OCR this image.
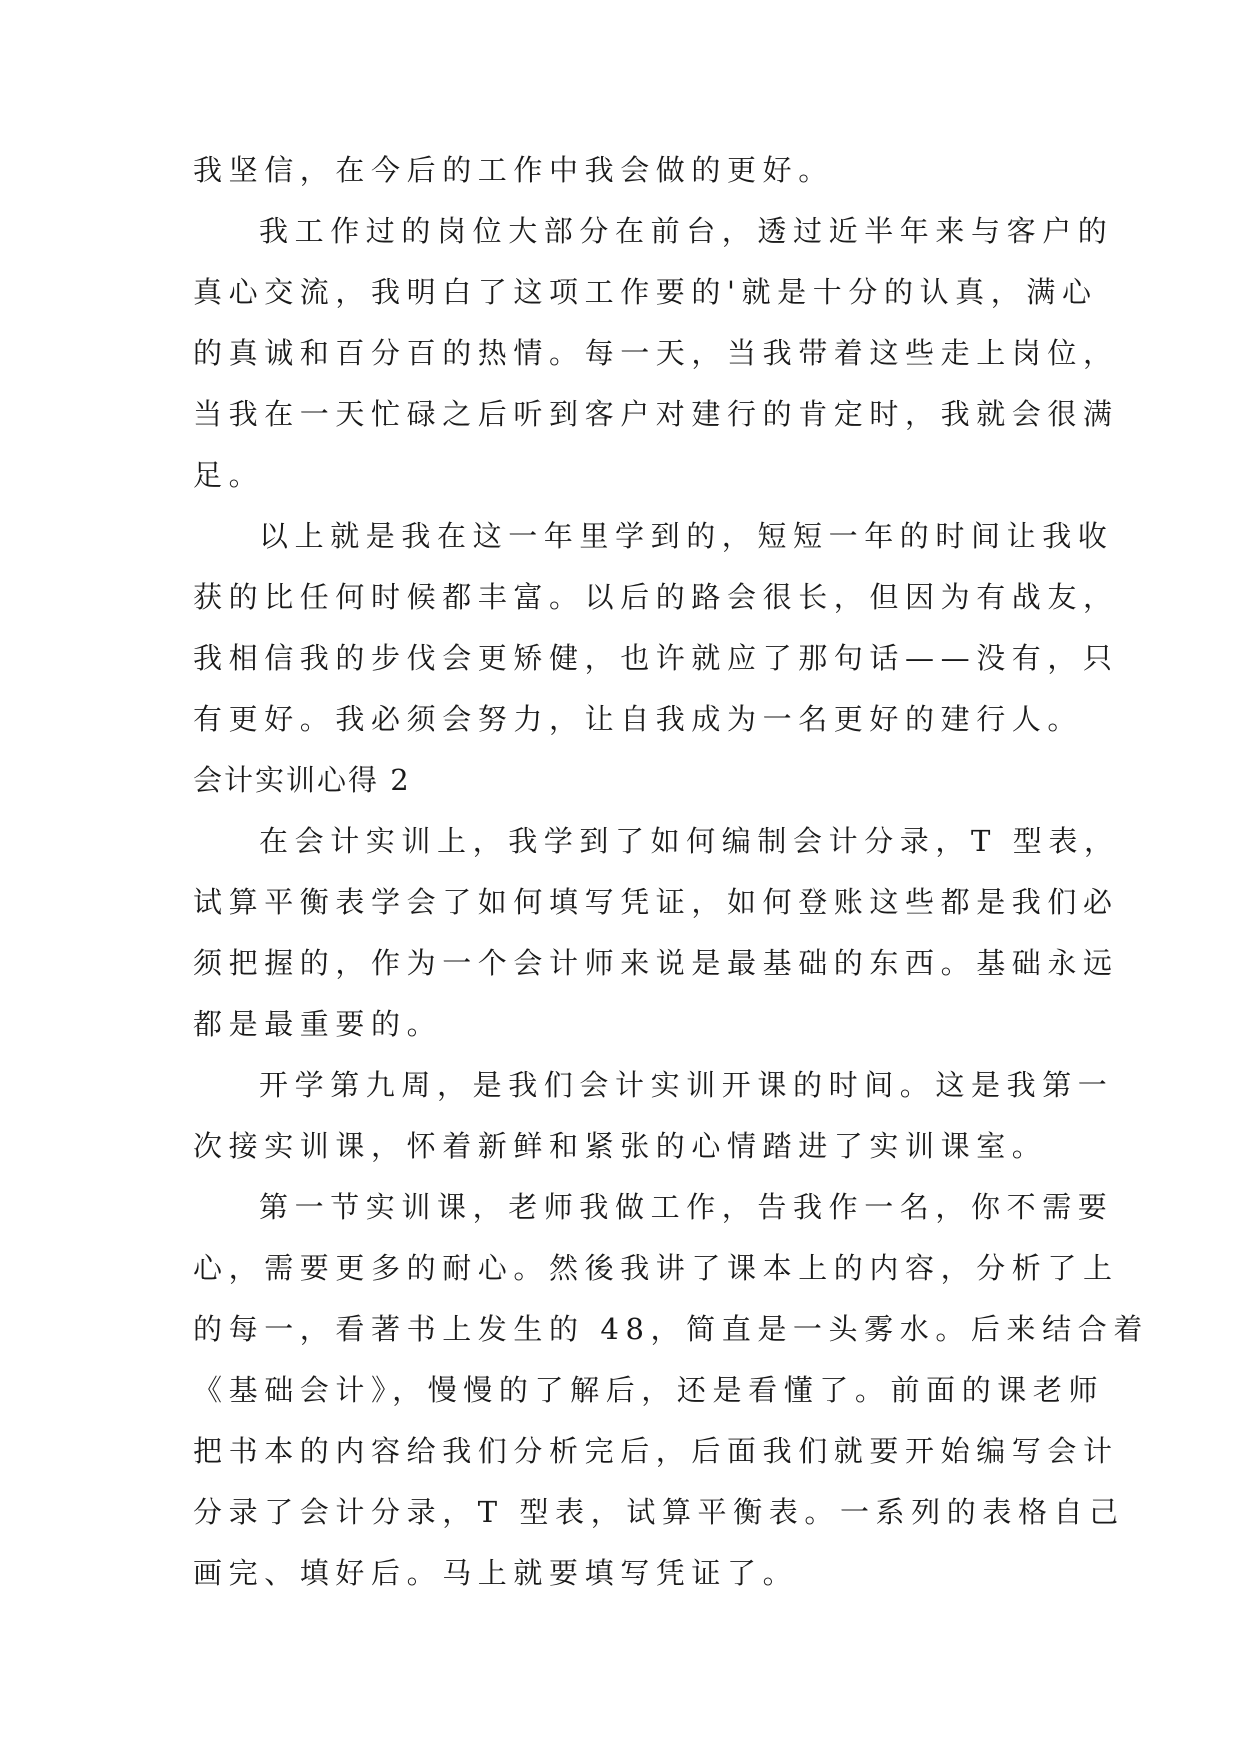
我坚信，在今后的工作中我会做的更好。
我工作过的岗位大部分在前台，透过近半年来与客户的
真心交流，我明白了这项工作要的'就是十分的认真，满心
的真诚和百分百的热情。每一天，当我带着这些走上岗位，
当我在一天忙碌之后听到客户对建行的肯定时，我就会很满
足。
以上就是我在这一年里学到的，短短一年的时间让我收
获的比任何时候都丰富。以后的路会很长，但因为有战友，
我相信我的步伐会更矫健，也许就应了那句话——没有，只
有更好。我必须会努力，让自我成为一名更好的建行人。
会计实训心得 2
在会计实训上，我学到了如何编制会计分录，T 型表，
试算平衡表学会了如何填写凭证，如何登账这些都是我们必
须把握的，作为一个会计师来说是最基础的东西。基础永远
都是最重要的。
开学第九周，是我们会计实训开课的时间。这是我第一
次接实训课，怀着新鲜和紧张的心情踏进了实训课室。
第一节实训课，老师我做工作，告我作一名，你不需要
心，需要更多的耐心。然後我讲了课本上的内容，分析了上
的每一，看著书上发生的 48，简直是一头雾水。后来结合着
《基础会计》，慢慢的了解后，还是看懂了。前面的课老师
把书本的内容给我们分析完后，后面我们就要开始编写会计
分录了会计分录，T 型表，试算平衡表。一系列的表格自己
画完、填好后。马上就要填写凭证了。
